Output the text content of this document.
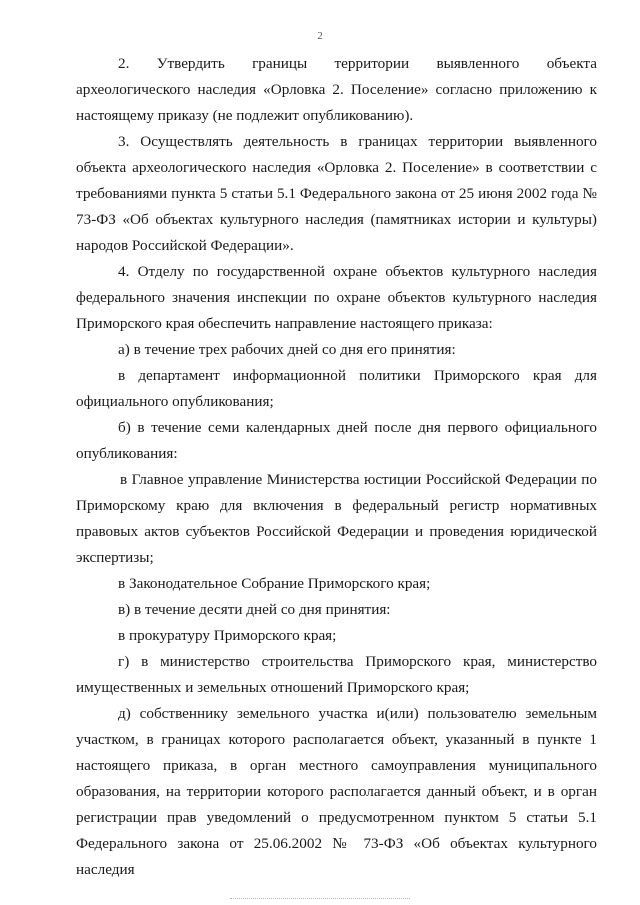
2

2. Утвердить границы территории выявленного объекта археологического наследия «Орловка 2. Поселение» согласно приложению к настоящему приказу (не подлежит опубликованию).

3. Осуществлять деятельность в границах территории выявленного объекта археологического наследия «Орловка 2. Поселение» в соответствии с требованиями пункта 5 статьи 5.1 Федерального закона от 25 июня 2002 года № 73-ФЗ «Об объектах культурного наследия (памятниках истории и культуры) народов Российской Федерации».

4. Отделу по государственной охране объектов культурного наследия федерального значения инспекции по охране объектов культурного наследия Приморского края обеспечить направление настоящего приказа:

а) в течение трех рабочих дней со дня его принятия:

в департамент информационной политики Приморского края для официального опубликования;

б) в течение семи календарных дней после дня первого официального опубликования:

в Главное управление Министерства юстиции Российской Федерации по Приморскому краю для включения в федеральный регистр нормативных правовых актов субъектов Российской Федерации и проведения юридической экспертизы;

в Законодательное Собрание Приморского края;

в) в течение десяти дней со дня принятия:

в прокуратуру Приморского края;

г) в министерство строительства Приморского края, министерство имущественных и земельных отношений Приморского края;

д) собственнику земельного участка и(или) пользователю земельным участком, в границах которого располагается объект, указанный в пункте 1 настоящего приказа, в орган местного самоуправления муниципального образования, на территории которого располагается данный объект, и в орган регистрации прав уведомлений о предусмотренном пунктом 5 статьи 5.1 Федерального закона от 25.06.2002 № 73-ФЗ «Об объектах культурного наследия
